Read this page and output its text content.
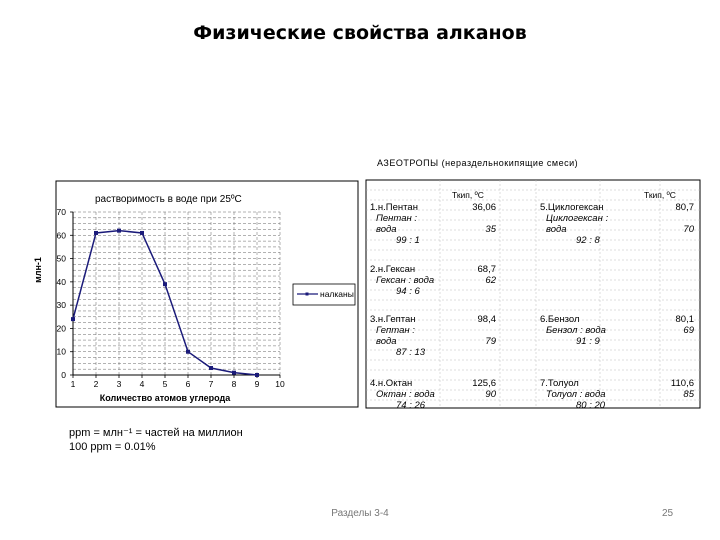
Физические свойства алканов
АЗЕОТРОПЫ (нераздельнокипящие смеси)
растворимость в воде при 25ºС
млн-1
Количество атомов углерода
0
10
20
30
40
50
60
70
1 2 3 4 5 6 7 8 9 10
налканы
Ткип, ºС	Ткип, ºС
1.н.Пентан	36,06
Пентан :
вода	35
99 : 1
5.Циклогексан	80,7
Циклогексан :
вода	70
92 : 8
2.н.Гексан	68,7
Гексан : вода	62
94 : 6
3.н.Гептан	98,4
Гептан :
вода	79
87 : 13
6.Бензол	80,1
Бензол : вода	69
91 : 9
4.н.Октан	125,6
Октан : вода	90
74 : 26
7.Толуол	110,6
Толуол : вода	85
80 : 20
ppm = млн⁻¹ = частей на миллион
100 ppm = 0.01%
Разделы 3-4	25
